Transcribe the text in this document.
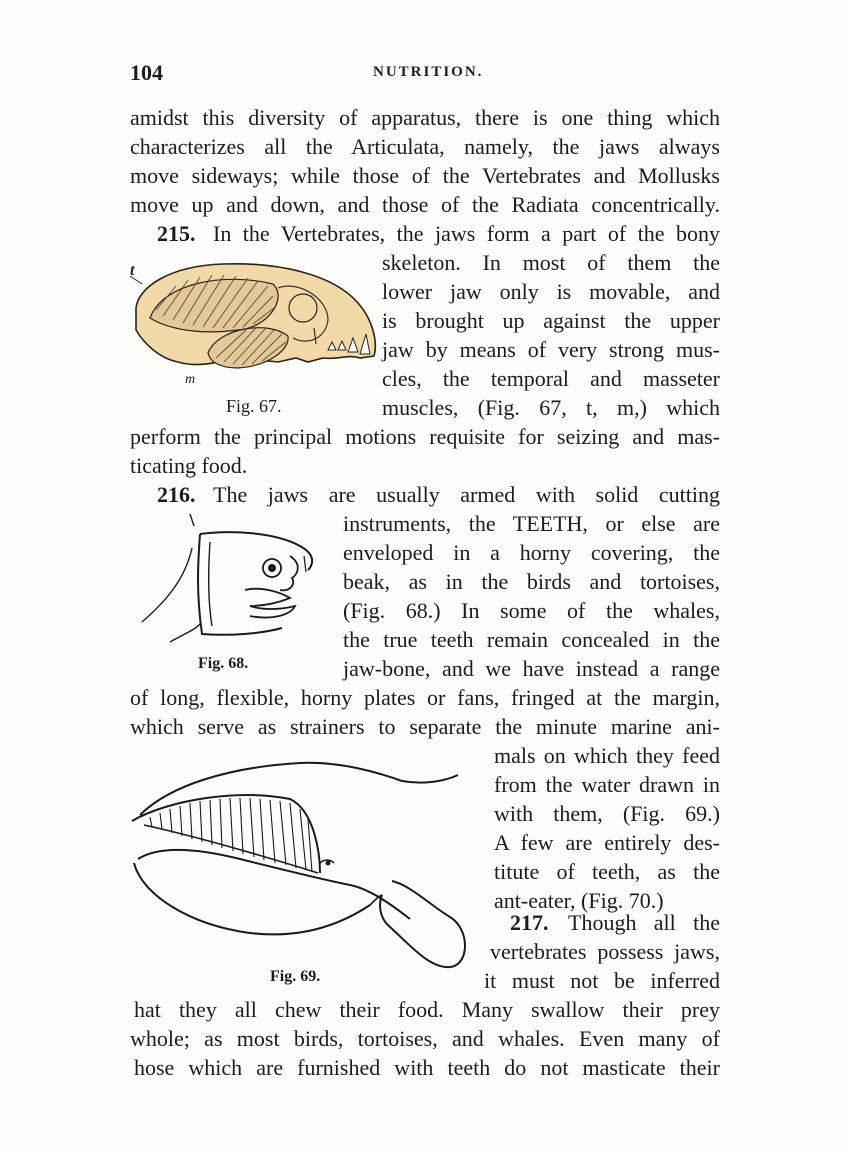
104	NUTRITION.
amidst this diversity of apparatus, there is one thing which
characterizes all the Articulata, namely, the jaws always
move sideways; while those of the Vertebrates and Mollusks
move up and down, and those of the Radiata concentrically.
215. In the Vertebrates, the jaws form a part of the bony
skeleton. In most of them the
lower jaw only is movable, and
is brought up against the upper
jaw by means of very strong mus-
cles, the temporal and masseter
muscles, (Fig. 67, t, m,) which
perform the principal motions requisite for seizing and mas-
ticating food.
t
m
Fig. 67.
216. The jaws are usually armed with solid cutting
instruments, the TEETH, or else are
enveloped in a horny covering, the
beak, as in the birds and tortoises,
(Fig. 68.) In some of the whales,
the true teeth remain concealed in the
jaw-bone, and we have instead a range
of long, flexible, horny plates or fans, fringed at the margin,
which serve as strainers to separate the minute marine ani-
mals on which they feed
from the water drawn in
with them, (Fig. 69.)
A few are entirely des-
titute of teeth, as the
ant-eater, (Fig. 70.)
Fig. 68.
Fig. 69.
217. Though all the
vertebrates possess jaws,
it must not be inferred
hat they all chew their food. Many swallow their prey
whole; as most birds, tortoises, and whales. Even many of
hose which are furnished with teeth do not masticate their
